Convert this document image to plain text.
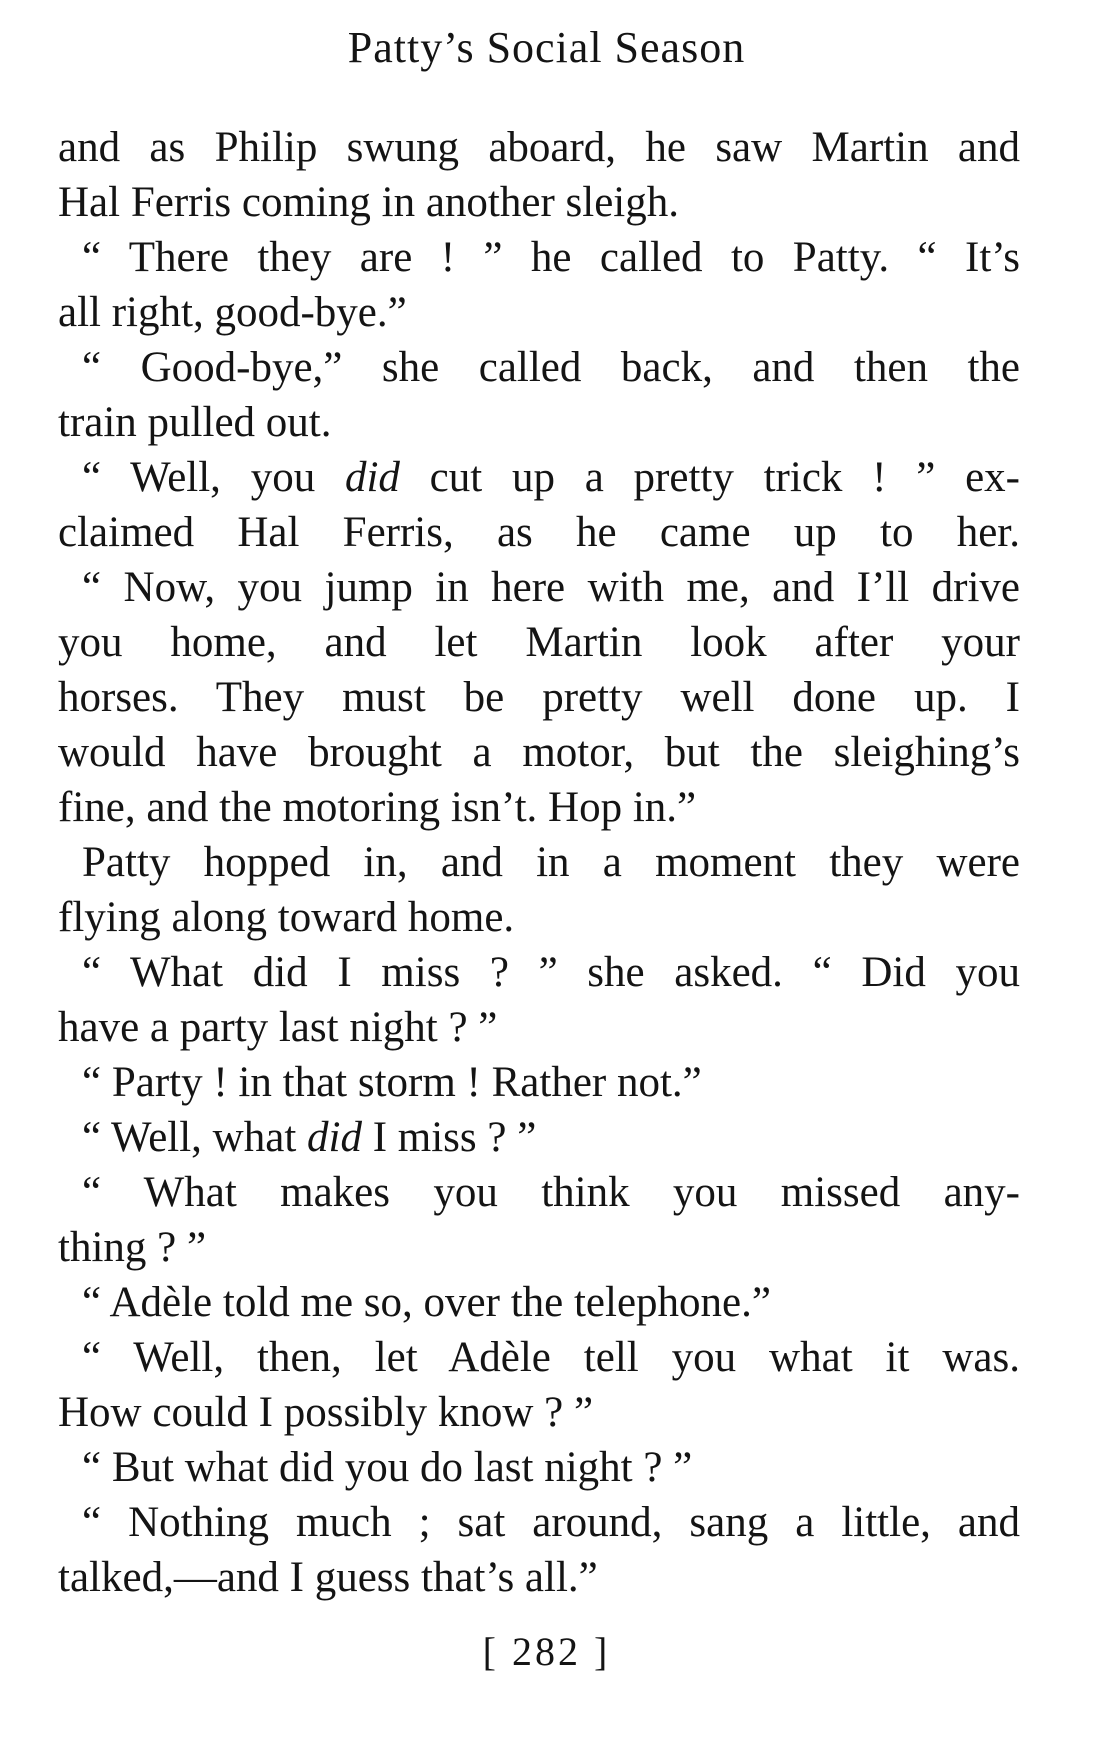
Patty’s Social Season
and as Philip swung aboard, he saw Martin and
Hal Ferris coming in another sleigh.
“ There they are ! ” he called to Patty. “ It’s
all right, good-bye.”
“ Good-bye,” she called back, and then the
train pulled out.
“ Well, you did cut up a pretty trick ! ” ex-
claimed Hal Ferris, as he came up to her.
“ Now, you jump in here with me, and I’ll drive
you home, and let Martin look after your
horses. They must be pretty well done up. I
would have brought a motor, but the sleighing’s
fine, and the motoring isn’t. Hop in.”
Patty hopped in, and in a moment they were
flying along toward home.
“ What did I miss ? ” she asked. “ Did you
have a party last night ? ”
“ Party ! in that storm ! Rather not.”
“ Well, what did I miss ? ”
“ What makes you think you missed any-
thing ? ”
“ Adèle told me so, over the telephone.”
“ Well, then, let Adèle tell you what it was.
How could I possibly know ? ”
“ But what did you do last night ? ”
“ Nothing much ; sat around, sang a little, and
talked,—and I guess that’s all.”
[ 282 ]
